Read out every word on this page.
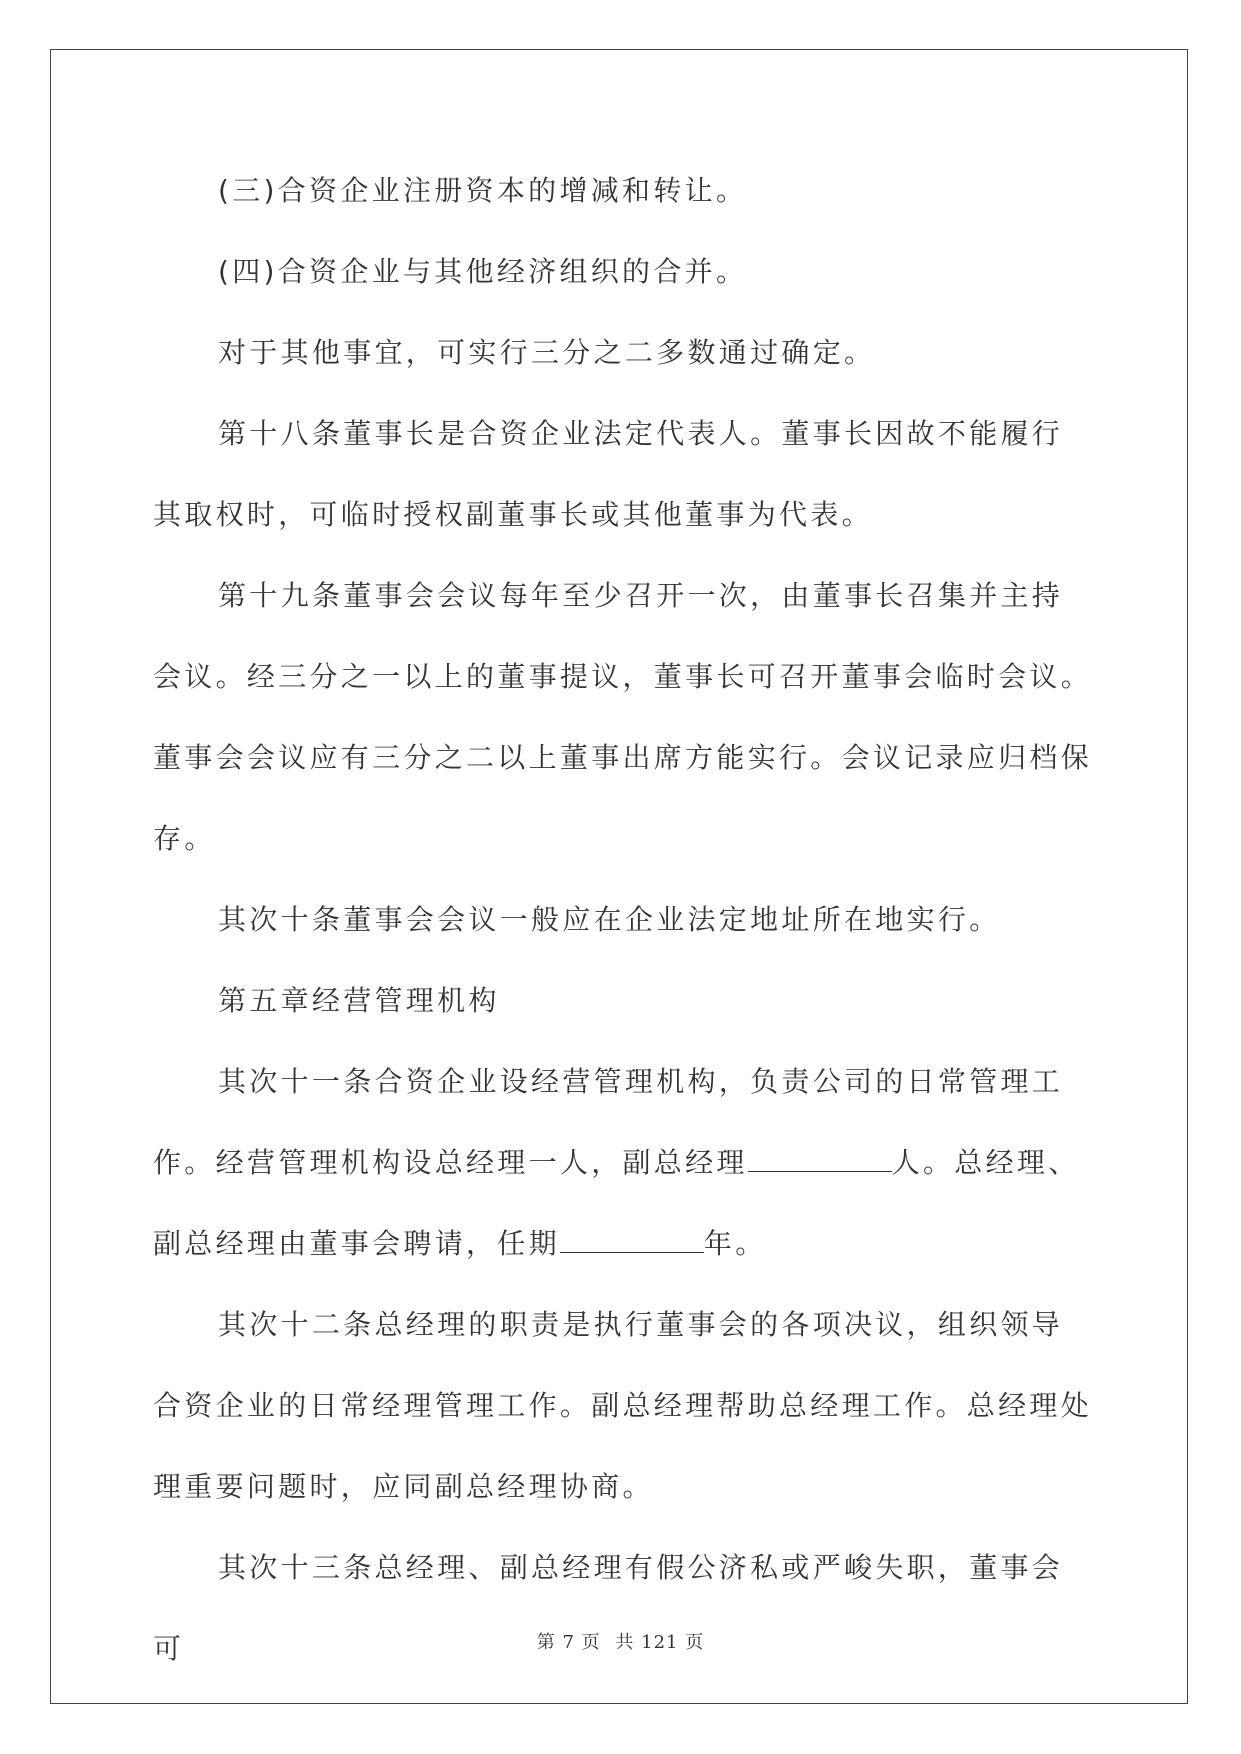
(三)合资企业注册资本的增减和转让。

(四)合资企业与其他经济组织的合并。

对于其他事宜，可实行三分之二多数通过确定。

第十八条董事长是合资企业法定代表人。董事长因故不能履行其取权时，可临时授权副董事长或其他董事为代表。

第十九条董事会会议每年至少召开一次，由董事长召集并主持会议。经三分之一以上的董事提议，董事长可召开董事会临时会议。董事会会议应有三分之二以上董事出席方能实行。会议记录应归档保存。

其次十条董事会会议一般应在企业法定地址所在地实行。

第五章经营管理机构

其次十一条合资企业设经营管理机构，负责公司的日常管理工作。经营管理机构设总经理一人，副总经理	人。总经理、副总经理由董事会聘请，任期	年。

其次十二条总经理的职责是执行董事会的各项决议，组织领导合资企业的日常经理管理工作。副总经理帮助总经理工作。总经理处理重要问题时，应同副总经理协商。

其次十三条总经理、副总经理有假公济私或严峻失职，董事会可	第 7 页 共 121 页
